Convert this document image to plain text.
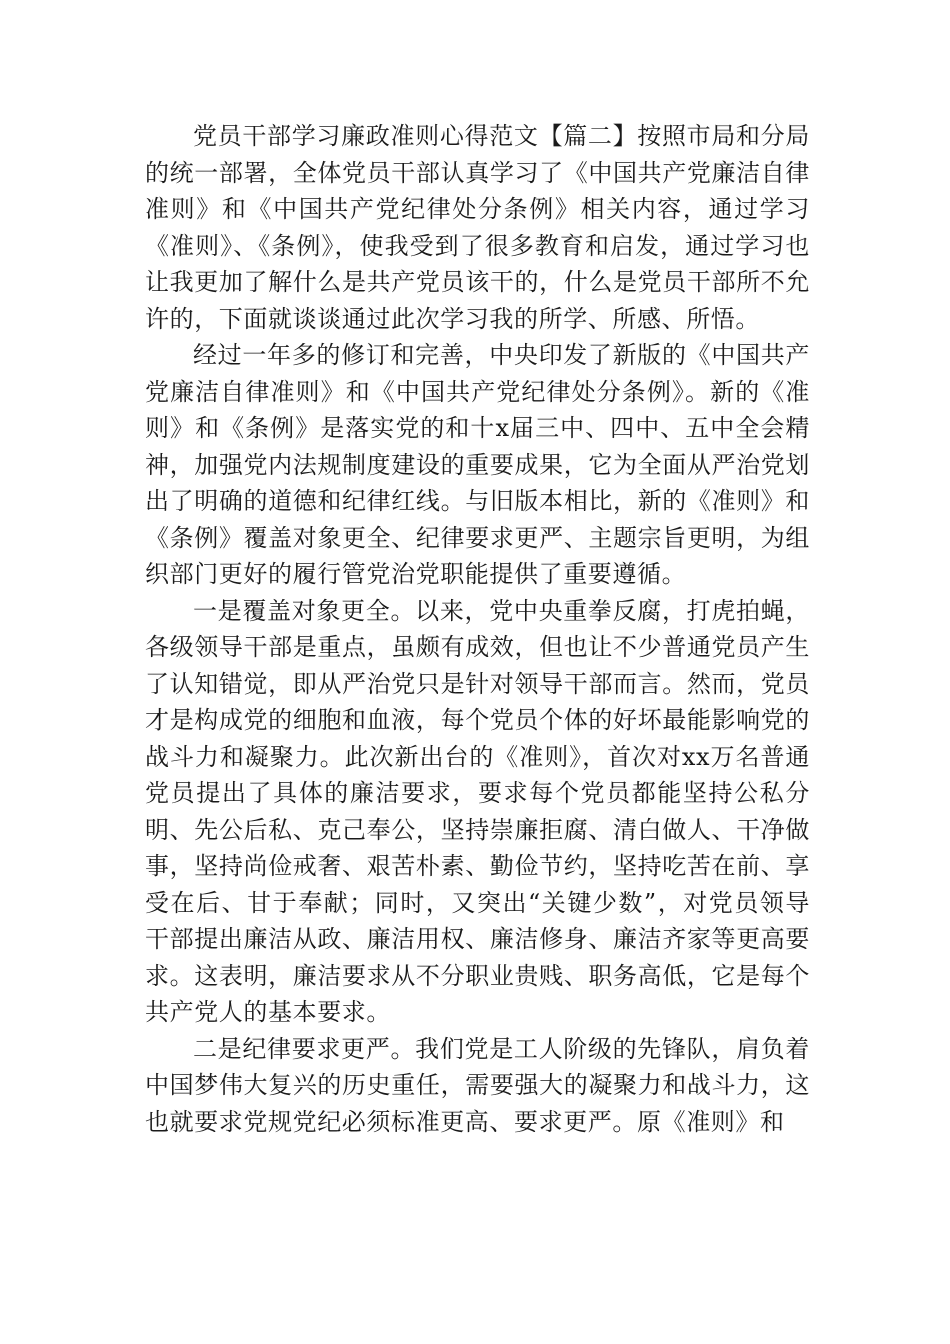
党员干部学习廉政准则心得范文【篇二】按照市局和分局的统一部署，全体党员干部认真学习了《中国共产党廉洁自律准则》和《中国共产党纪律处分条例》相关内容，通过学习《准则》、《条例》，使我受到了很多教育和启发，通过学习也让我更加了解什么是共产党员该干的，什么是党员干部所不允许的，下面就谈谈通过此次学习我的所学、所感、所悟。

经过一年多的修订和完善，中央印发了新版的《中国共产党廉洁自律准则》和《中国共产党纪律处分条例》。新的《准则》和《条例》是落实党的和十x届三中、四中、五中全会精神，加强党内法规制度建设的重要成果，它为全面从严治党划出了明确的道德和纪律红线。与旧版本相比，新的《准则》和《条例》覆盖对象更全、纪律要求更严、主题宗旨更明，为组织部门更好的履行管党治党职能提供了重要遵循。

一是覆盖对象更全。以来，党中央重拳反腐，打虎拍蝇，各级领导干部是重点，虽颇有成效，但也让不少普通党员产生了认知错觉，即从严治党只是针对领导干部而言。然而，党员才是构成党的细胞和血液，每个党员个体的好坏最能影响党的战斗力和凝聚力。此次新出台的《准则》，首次对xx万名普通党员提出了具体的廉洁要求，要求每个党员都能坚持公私分明、先公后私、克己奉公，坚持崇廉拒腐、清白做人、干净做事，坚持尚俭戒奢、艰苦朴素、勤俭节约，坚持吃苦在前、享受在后、甘于奉献；同时，又突出“关键少数”，对党员领导干部提出廉洁从政、廉洁用权、廉洁修身、廉洁齐家等更高要求。这表明，廉洁要求从不分职业贵贱、职务高低，它是每个共产党人的基本要求。

二是纪律要求更严。我们党是工人阶级的先锋队，肩负着中国梦伟大复兴的历史重任，需要强大的凝聚力和战斗力，这也就要求党规党纪必须标准更高、要求更严。原《准则》和
